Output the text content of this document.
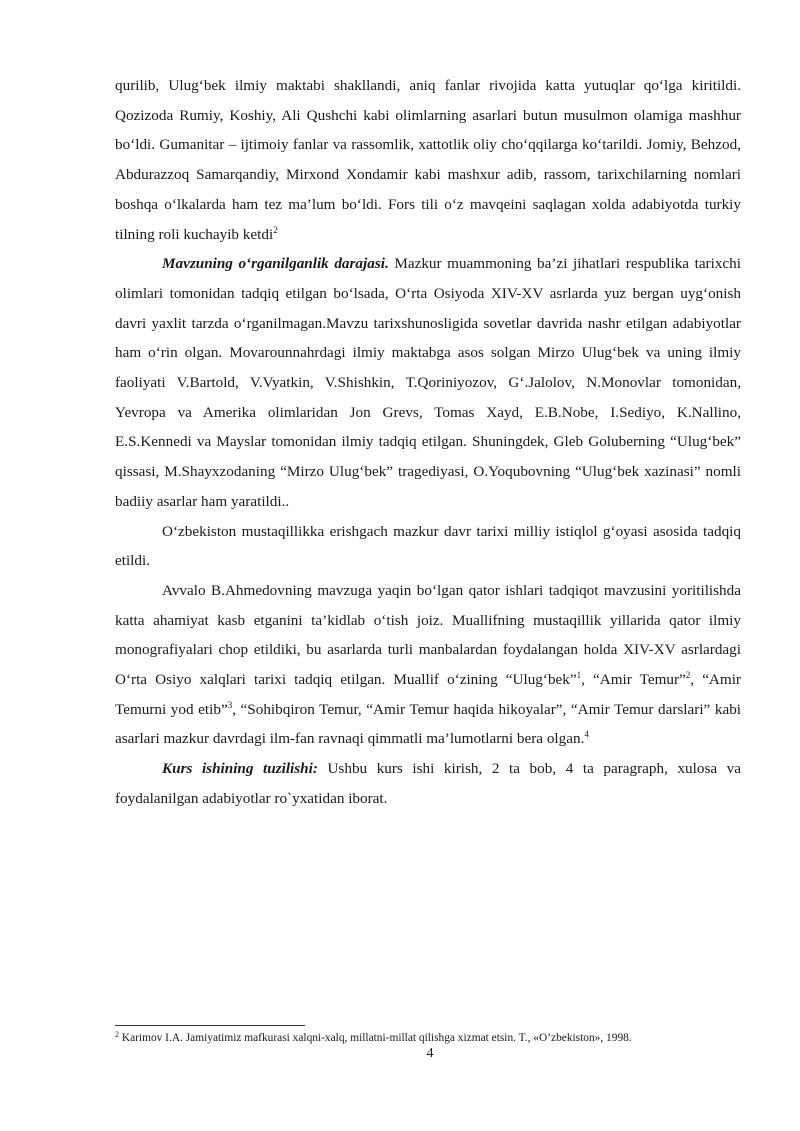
qurilib, Ulug‘bek ilmiy maktabi shakllandi, aniq fanlar rivojida katta yutuqlar qo‘lga kiritildi. Qozizoda Rumiy, Koshiy, Ali Qushchi kabi olimlarning asarlari butun musulmon olamiga mashhur bo‘ldi. Gumanitar – ijtimoiy fanlar va rassomlik, xattotlik oliy cho‘qqilarga ko‘tarildi. Jomiy, Behzod, Abdurazzoq Samarqandiy, Mirxond Xondamir kabi mashxur adib, rassom, tarixchilarning nomlari boshqa o‘lkalarda ham tez ma’lum bo‘ldi. Fors tili o‘z mavqeini saqlagan xolda adabiyotda turkiy tilning roli kuchayib ketdi$^2$

Mavzuning o‘rganilganlik darajasi. Mazkur muammoning ba’zi jihatlari respublika tarixchi olimlari tomonidan tadqiq etilgan bo‘lsada, O‘rta Osiyoda XIV-XV asrlarda yuz bergan uyg‘onish davri yaxlit tarzda o‘rganilmagan.Mavzu tarixshunosligida sovetlar davrida nashr etilgan adabiyotlar ham o‘rin olgan. Movarounnahrdagi ilmiy maktabga asos solgan Mirzo Ulug‘bek va uning ilmiy faoliyati V.Bartold, V.Vyatkin, V.Shishkin, T.Qoriniyozov, G‘.Jalolov, N.Monovlar tomonidan, Yevropa va Amerika olimlaridan Jon Grevs, Tomas Xayd, E.B.Nobe, I.Sediyo, K.Nallino, E.S.Kennedi va Mayslar tomonidan ilmiy tadqiq etilgan. Shuningdek, Gleb Goluberning “Ulug‘bek” qissasi, M.Shayxzodaning “Mirzo Ulug‘bek” tragediyasi, O.Yoqubovning “Ulug‘bek xazinasi” nomli badiiy asarlar ham yaratildi..

O‘zbekiston mustaqillikka erishgach mazkur davr tarixi milliy istiqlol g‘oyasi asosida tadqiq etildi.

Avvalo B.Ahmedovning mavzuga yaqin bo‘lgan qator ishlari tadqiqot mavzusini yoritilishda katta ahamiyat kasb etganini ta’kidlab o‘tish joiz. Muallifning mustaqillik yillarida qator ilmiy monografiyalari chop etildiki, bu asarlarda turli manbalardan foydalangan holda XIV-XV asrlardagi O‘rta Osiyo xalqlari tarixi tadqiq etilgan. Muallif o‘zining “Ulug‘bek”$^1$, “Amir Temur”$^2$, “Amir Temurni yod etib”$^3$, “Sohibqiron Temur, “Amir Temur haqida hikoyalar”, “Amir Temur darslari” kabi asarlari mazkur davrdagi ilm-fan ravnaqi qimmatli ma’lumotlarni bera olgan.$^4$

Kurs ishining tuzilishi: Ushbu kurs ishi kirish, 2 ta bob, 4 ta paragraph, xulosa va foydalanilgan adabiyotlar ro`yxatidan iborat.

$^2$ Karimov I.A. Jamiyatimiz mafkurasi xalqni-xalq, millatni-millat qilishga xizmat etsin. T., «O’zbekiston», 1998.
4
